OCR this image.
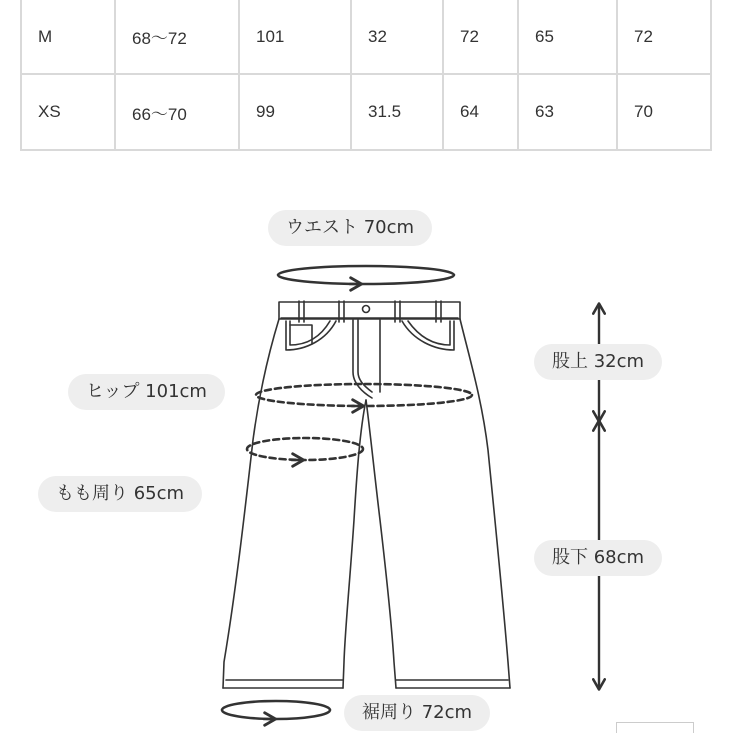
M	68〜72	101	32	72	65	72
XS	66〜70	99	31.5	64	63	70
ウエスト 70cm
ヒップ 101cm
もも周り 65cm
股上 32cm
股下 68cm
裾周り 72cm
